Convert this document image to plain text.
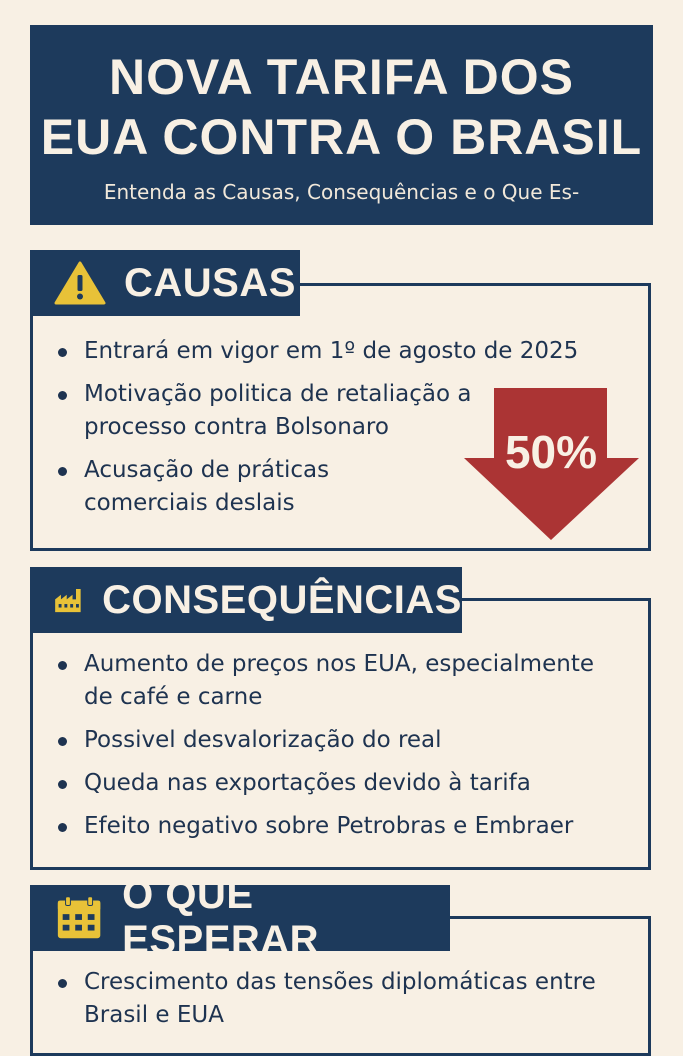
NOVA TARIFA DOS
EUA CONTRA O BRASIL
Entenda as Causas, Consequências e o Que Es-
CAUSAS
Entrará em vigor em 1º de agosto de 2025
Motivação politica de retaliação a processo contra Bolsonaro
Acusação de práticas comerciais deslais
50%
CONSEQUÊNCIAS
Aumento de preços nos EUA, especialmente de café e carne
Possivel desvalorização do real
Queda nas exportações devido à tarifa
Efeito negativo sobre Petrobras e Embraer
O QUE ESPERAR
Crescimento das tensões diplomáticas entre Brasil e EUA
